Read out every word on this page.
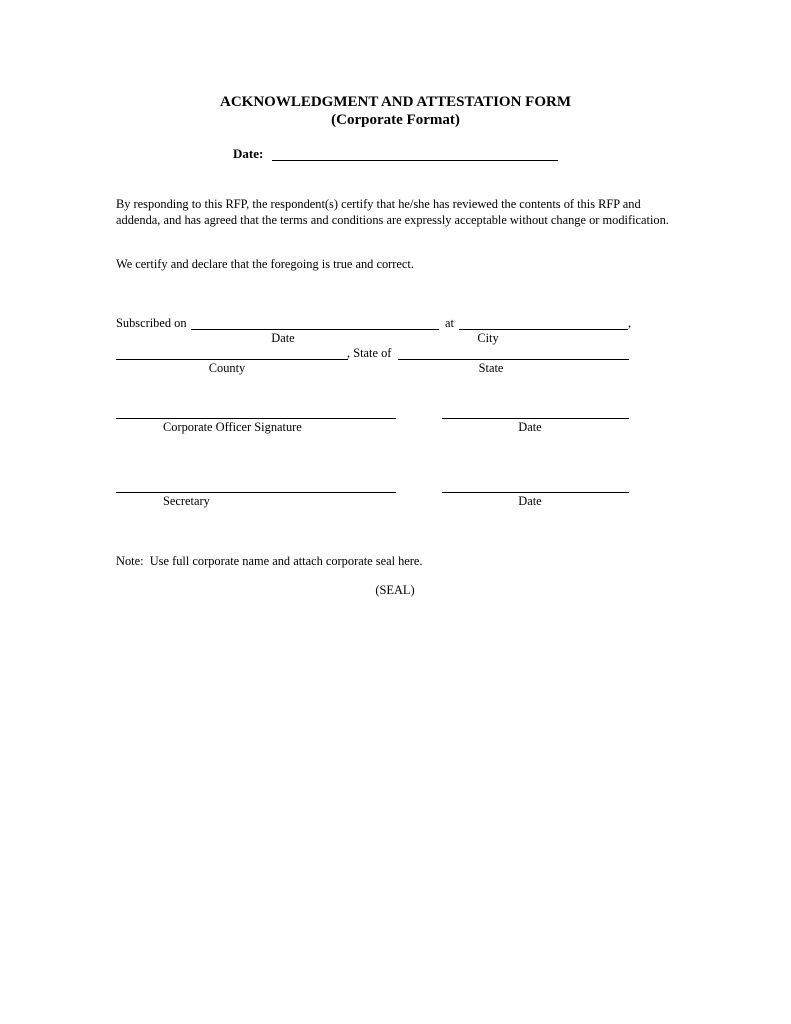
ACKNOWLEDGMENT AND ATTESTATION FORM
(Corporate Format)
Date:
By responding to this RFP, the respondent(s) certify that he/she has reviewed the contents of this RFP and addenda, and has agreed that the terms and conditions are expressly acceptable without change or modification.
We certify and declare that the foregoing is true and correct.
Subscribed on	at	,
Date	City
, State of
County	State
Corporate Officer Signature	Date
Secretary	Date
Note:  Use full corporate name and attach corporate seal here.
(SEAL)
